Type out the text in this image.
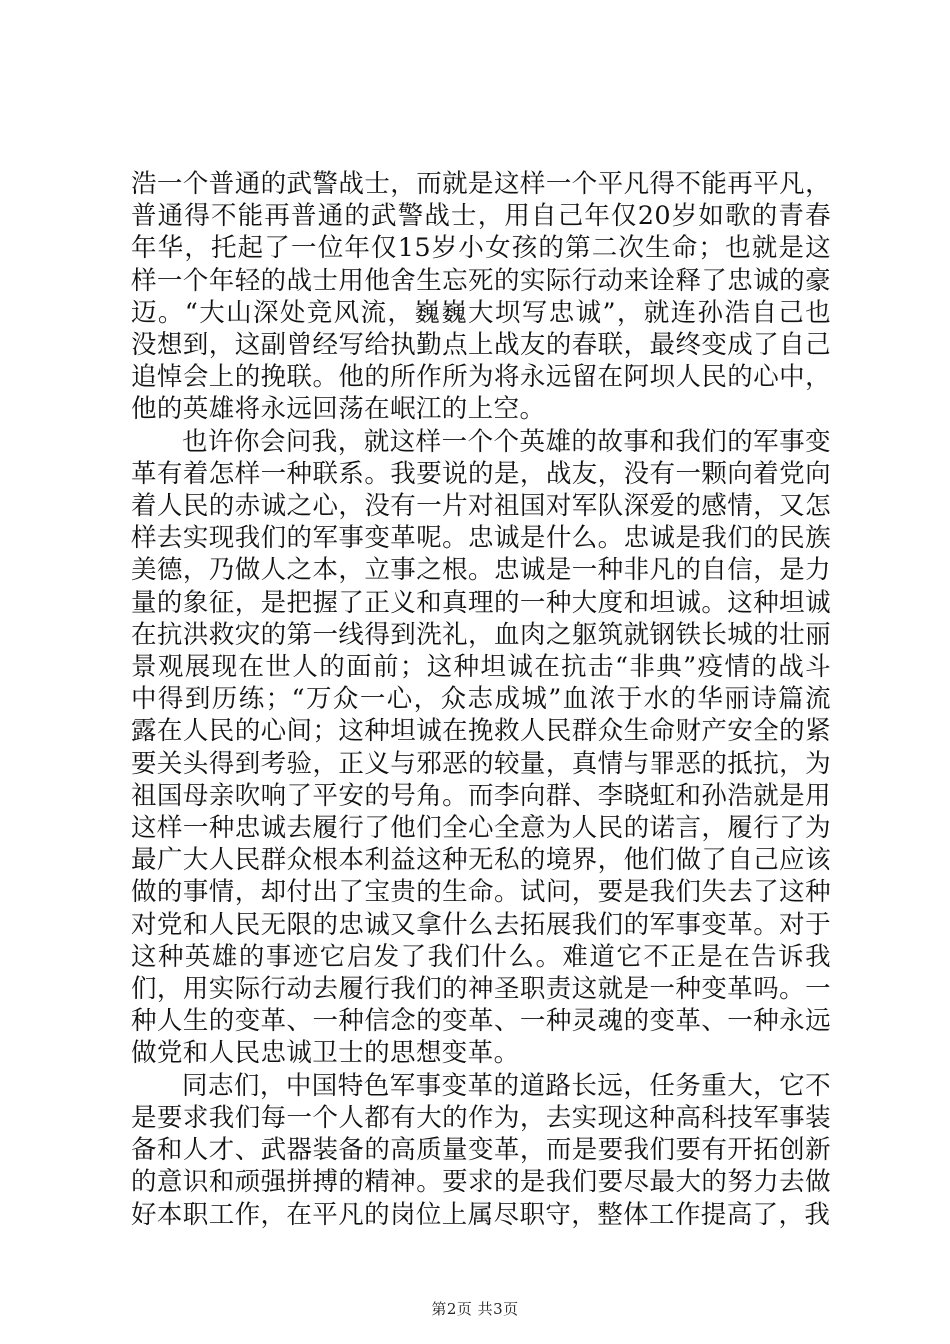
浩一个普通的武警战士，而就是这样一个平凡得不能再平凡，普通得不能再普通的武警战士，用自己年仅20岁如歌的青春年华，托起了一位年仅15岁小女孩的第二次生命；也就是这样一个年轻的战士用他舍生忘死的实际行动来诠释了忠诚的豪迈。“大山深处竞风流，巍巍大坝写忠诚”，就连孙浩自己也没想到，这副曾经写给执勤点上战友的春联，最终变成了自己追悼会上的挽联。他的所作所为将永远留在阿坝人民的心中，他的英雄将永远回荡在岷江的上空。

也许你会问我，就这样一个个英雄的故事和我们的军事变革有着怎样一种联系。我要说的是，战友，没有一颗向着党向着人民的赤诚之心，没有一片对祖国对军队深爱的感情，又怎样去实现我们的军事变革呢。忠诚是什么。忠诚是我们的民族美德，乃做人之本，立事之根。忠诚是一种非凡的自信，是力量的象征，是把握了正义和真理的一种大度和坦诚。这种坦诚在抗洪救灾的第一线得到洗礼，血肉之躯筑就钢铁长城的壮丽景观展现在世人的面前；这种坦诚在抗击“非典”疫情的战斗中得到历练；“万众一心，众志成城”血浓于水的华丽诗篇流露在人民的心间；这种坦诚在挽救人民群众生命财产安全的紧要关头得到考验，正义与邪恶的较量，真情与罪恶的抵抗，为祖国母亲吹响了平安的号角。而李向群、李晓虹和孙浩就是用这样一种忠诚去履行了他们全心全意为人民的诺言，履行了为最广大人民群众根本利益这种无私的境界，他们做了自己应该做的事情，却付出了宝贵的生命。试问，要是我们失去了这种对党和人民无限的忠诚又拿什么去拓展我们的军事变革。对于这种英雄的事迹它启发了我们什么。难道它不正是在告诉我们，用实际行动去履行我们的神圣职责这就是一种变革吗。一种人生的变革、一种信念的变革、一种灵魂的变革、一种永远做党和人民忠诚卫士的思想变革。

同志们，中国特色军事变革的道路长远，任务重大，它不是要求我们每一个人都有大的作为，去实现这种高科技军事装备和人才、武器装备的高质量变革，而是要我们要有开拓创新的意识和顽强拼搏的精神。要求的是我们要尽最大的努力去做好本职工作，在平凡的岗位上属尽职守，整体工作提高了，我

第2页 共3页
